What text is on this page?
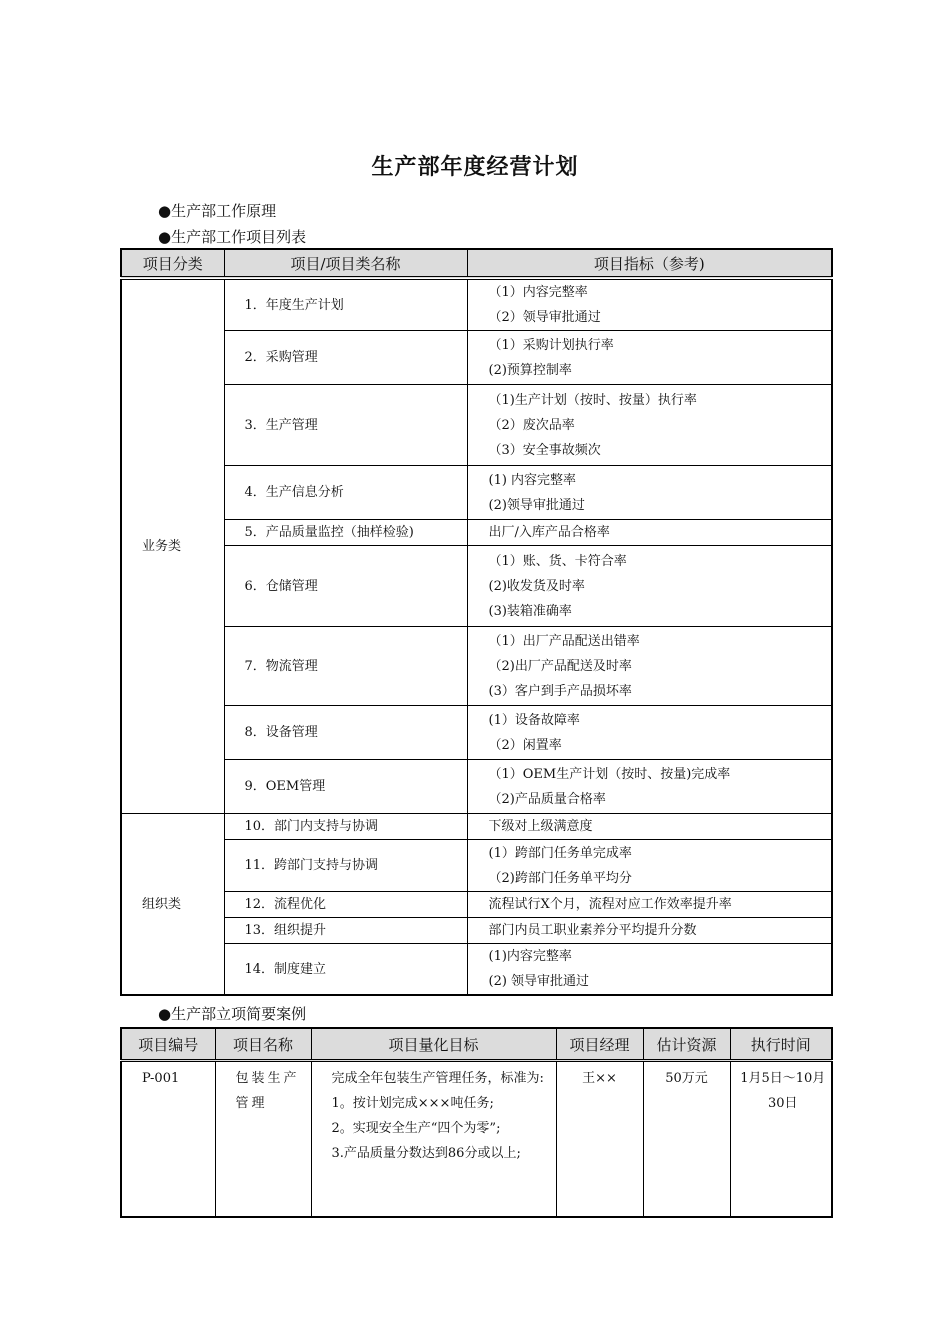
生产部年度经营计划
●生产部工作原理
●生产部工作项目列表
项目分类	项目/项目类名称	项目指标（参考)
业务类	1．年度生产计划	（1）内容完整率
（2）领导审批通过

	2．采购管理	（1）采购计划执行率
(2)预算控制率

	3．生产管理	（1)生产计划（按时、按量）执行率
（2）废次品率
（3）安全事故频次

	4．生产信息分析	(1) 内容完整率
(2)领导审批通过

	5．产品质量监控（抽样检验)	出厂/入库产品合格率

	6．仓储管理	（1）账、货、卡符合率
(2)收发货及时率
(3)装箱准确率

	7．物流管理	（1）出厂产品配送出错率
（2)出厂产品配送及时率
(3）客户到手产品损坏率

	8．设备管理	(1）设备故障率
（2）闲置率

	9．OEM管理	（1）OEM生产计划（按时、按量)完成率
（2)产品质量合格率

组织类	10．部门内支持与协调	下级对上级满意度

	11．跨部门支持与协调	(1）跨部门任务单完成率
（2)跨部门任务单平均分

	12．流程优化	流程试行X个月，流程对应工作效率提升率

	13．组织提升	部门内员工职业素养分平均提升分数

	14．制度建立	(1)内容完整率
(2) 领导审批通过
●生产部立项简要案例
项目编号	项目名称	项目量化目标	项目经理	估计资源	执行时间
P-001	包装生产管理	完成全年包装生产管理任务，标准为:
1。按计划完成×××吨任务;
2。实现安全生产“四个为零”;
3.产品质量分数达到86分或以上;	王××	50万元	1月5日～10月30日
